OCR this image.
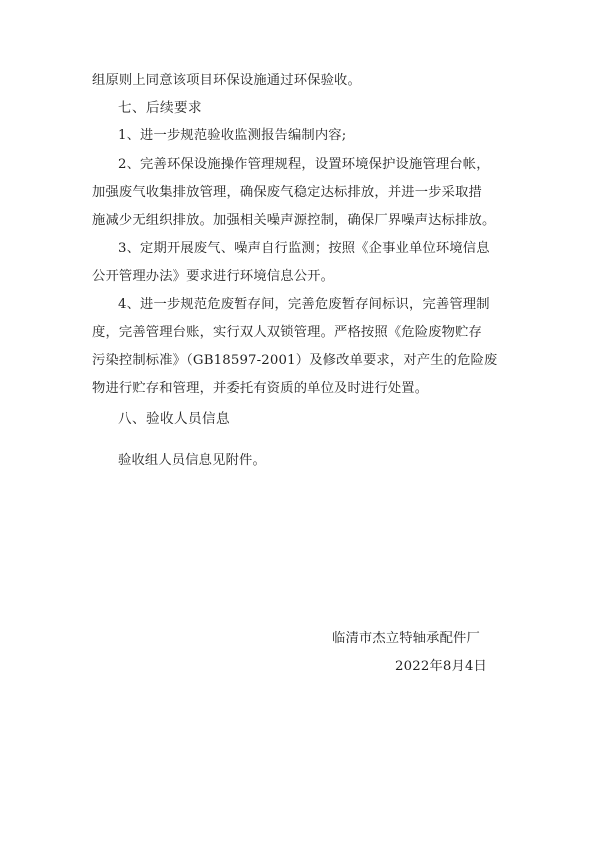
组原则上同意该项目环保设施通过环保验收。
七、后续要求
1、进一步规范验收监测报告编制内容;
2、完善环保设施操作管理规程，设置环境保护设施管理台帐，
加强废气收集排放管理，确保废气稳定达标排放，并进一步采取措
施减少无组织排放。加强相关噪声源控制，确保厂界噪声达标排放。
3、定期开展废气、噪声自行监测；按照《企事业单位环境信息
公开管理办法》要求进行环境信息公开。
4、进一步规范危废暂存间，完善危废暂存间标识，完善管理制
度，完善管理台账，实行双人双锁管理。严格按照《危险废物贮存
污染控制标准》（GB18597-2001）及修改单要求，对产生的危险废
物进行贮存和管理，并委托有资质的单位及时进行处置。
八、验收人员信息
验收组人员信息见附件。
临清市杰立特轴承配件厂
2022年8月4日
